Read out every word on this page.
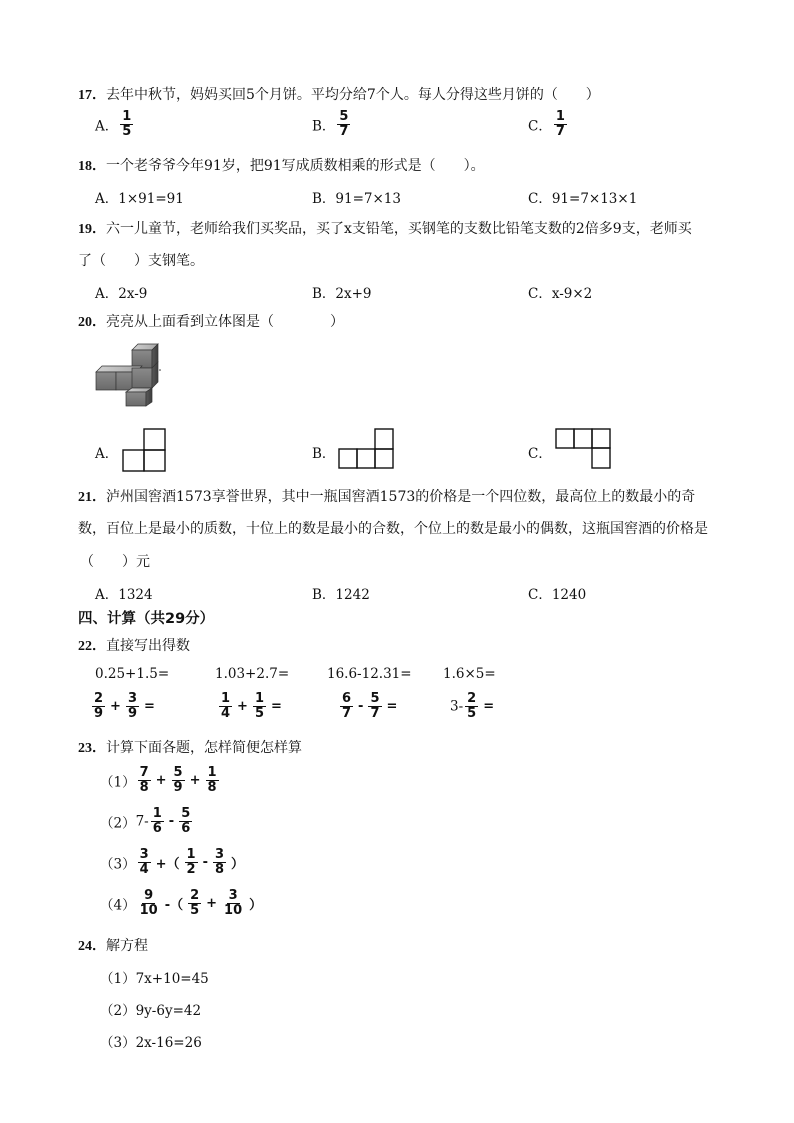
17．去年中秋节，妈妈买回5个月饼。平均分给7个人。每人分得这些月饼的（　　）
A． $\frac{1}{5}$	B． $\frac{5}{7}$	C． $\frac{1}{7}$
18．一个老爷爷今年91岁，把91写成质数相乘的形式是（　　）。
A．1×91=91	B．91=7×13	C．91=7×13×1
19．六一儿童节，老师给我们买奖品，买了x支铅笔，买钢笔的支数比铅笔支数的2倍多9支，老师买
了（　　）支钢笔。
A．2x-9	B．2x+9	C．x-9×2
20．亮亮从上面看到立体图是（　　　　）
A．	B．	C．
21．泸州国窖酒1573享誉世界，其中一瓶国窖酒1573的价格是一个四位数，最高位上的数最小的奇
数，百位上是最小的质数，十位上的数是最小的合数，个位上的数是最小的偶数，这瓶国窖酒的价格是
（　　）元
A．1324	B．1242	C．1240
四、计算（共29分）
22．直接写出得数
0.25+1.5=	1.03+2.7=	16.6-12.31= 1.6×5=
$\frac{2}{9} + \frac{3}{9}$ =	$\frac{1}{4} + \frac{1}{5}$ =	$\frac{6}{7} - \frac{5}{7}$ =	$3- \frac{2}{5}$ =
23．计算下面各题，怎样简便怎样算
$(1) \frac{7}{8} + \frac{5}{9} + \frac{1}{8}$
$(2)7- \frac{1}{6} - \frac{5}{6}$
$(3) \frac{3}{4}$ +（ $\frac{1}{2} - \frac{3}{8}$ ）
$(4) \frac{9}{10}$ -（ $\frac{2}{5} + \frac{3}{10}$ ）
24．解方程
（1）7x+10=45
（2）9y-6y=42
（3）2x-16=26
